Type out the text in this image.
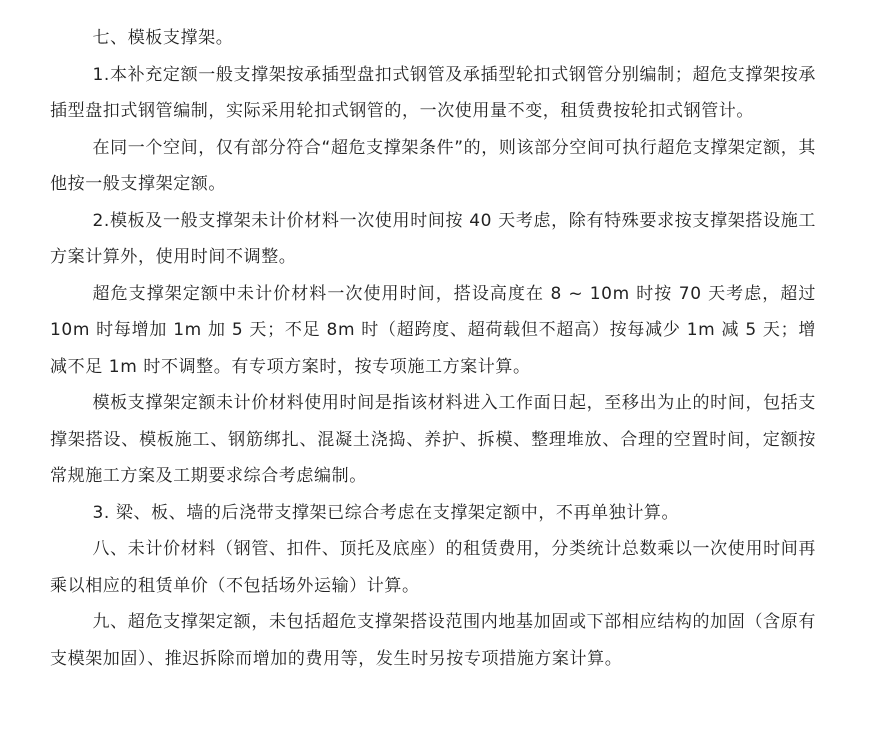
七、模板支撑架。

1.本补充定额一般支撑架按承插型盘扣式钢管及承插型轮扣式钢管分别编制；超危支撑架按承插型盘扣式钢管编制，实际采用轮扣式钢管的，一次使用量不变，租赁费按轮扣式钢管计。

在同一个空间，仅有部分符合“超危支撑架条件”的，则该部分空间可执行超危支撑架定额，其他按一般支撑架定额。

2.模板及一般支撑架未计价材料一次使用时间按 40 天考虑，除有特殊要求按支撑架搭设施工方案计算外，使用时间不调整。

超危支撑架定额中未计价材料一次使用时间，搭设高度在 8 ~ 10m 时按 70 天考虑，超过 10m 时每增加 1m 加 5 天；不足 8m 时（超跨度、超荷载但不超高）按每减少 1m 减 5 天；增减不足 1m 时不调整。有专项方案时，按专项施工方案计算。

模板支撑架定额未计价材料使用时间是指该材料进入工作面日起，至移出为止的时间，包括支撑架搭设、模板施工、钢筋绑扎、混凝土浇捣、养护、拆模、整理堆放、合理的空置时间，定额按常规施工方案及工期要求综合考虑编制。

3. 梁、板、墙的后浇带支撑架已综合考虑在支撑架定额中，不再单独计算。

八、未计价材料（钢管、扣件、顶托及底座）的租赁费用，分类统计总数乘以一次使用时间再乘以相应的租赁单价（不包括场外运输）计算。

九、超危支撑架定额，未包括超危支撑架搭设范围内地基加固或下部相应结构的加固（含原有支模架加固）、推迟拆除而增加的费用等，发生时另按专项措施方案计算。
